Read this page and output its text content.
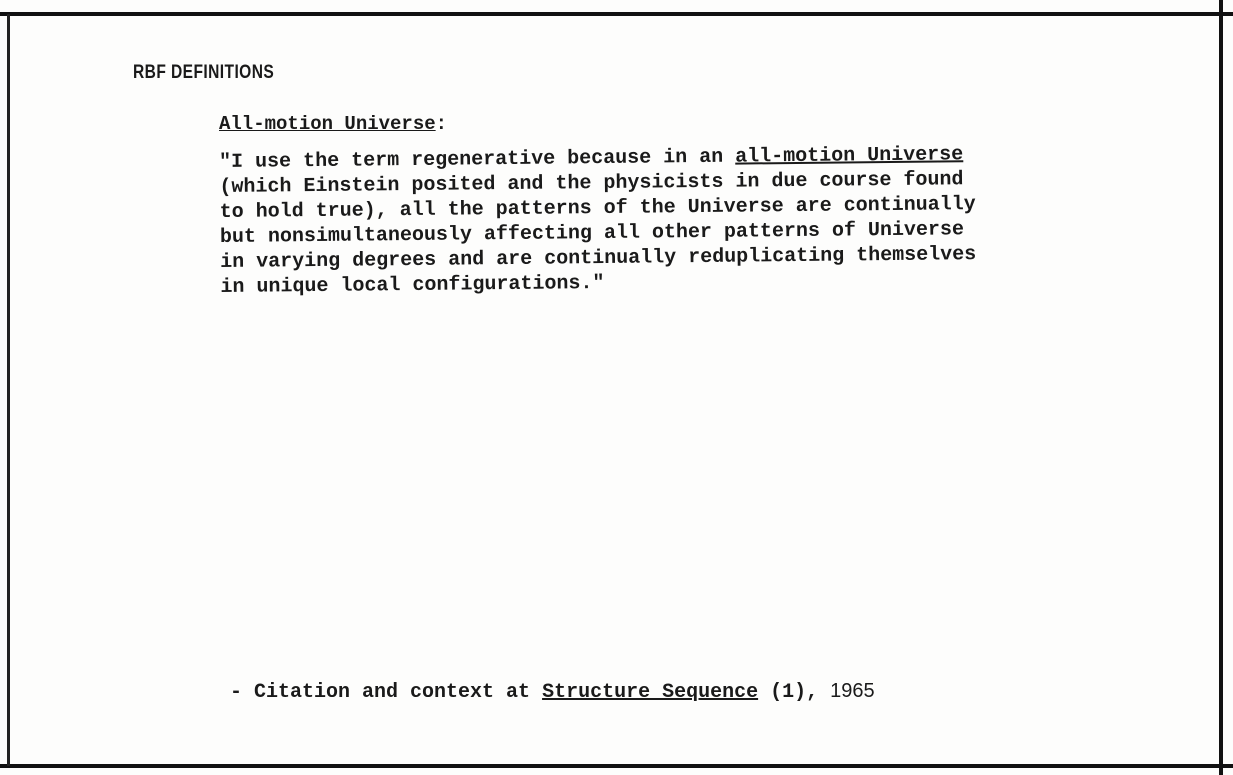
RBF DEFINITIONS
All-motion Universe:
"I use the term regenerative because in an all-motion Universe
(which Einstein posited and the physicists in due course found
to hold true), all the patterns of the Universe are continually
but nonsimultaneously affecting all other patterns of Universe
in varying degrees and are continually reduplicating themselves
in unique local configurations."
- Citation and context at Structure Sequence (1), 1965
